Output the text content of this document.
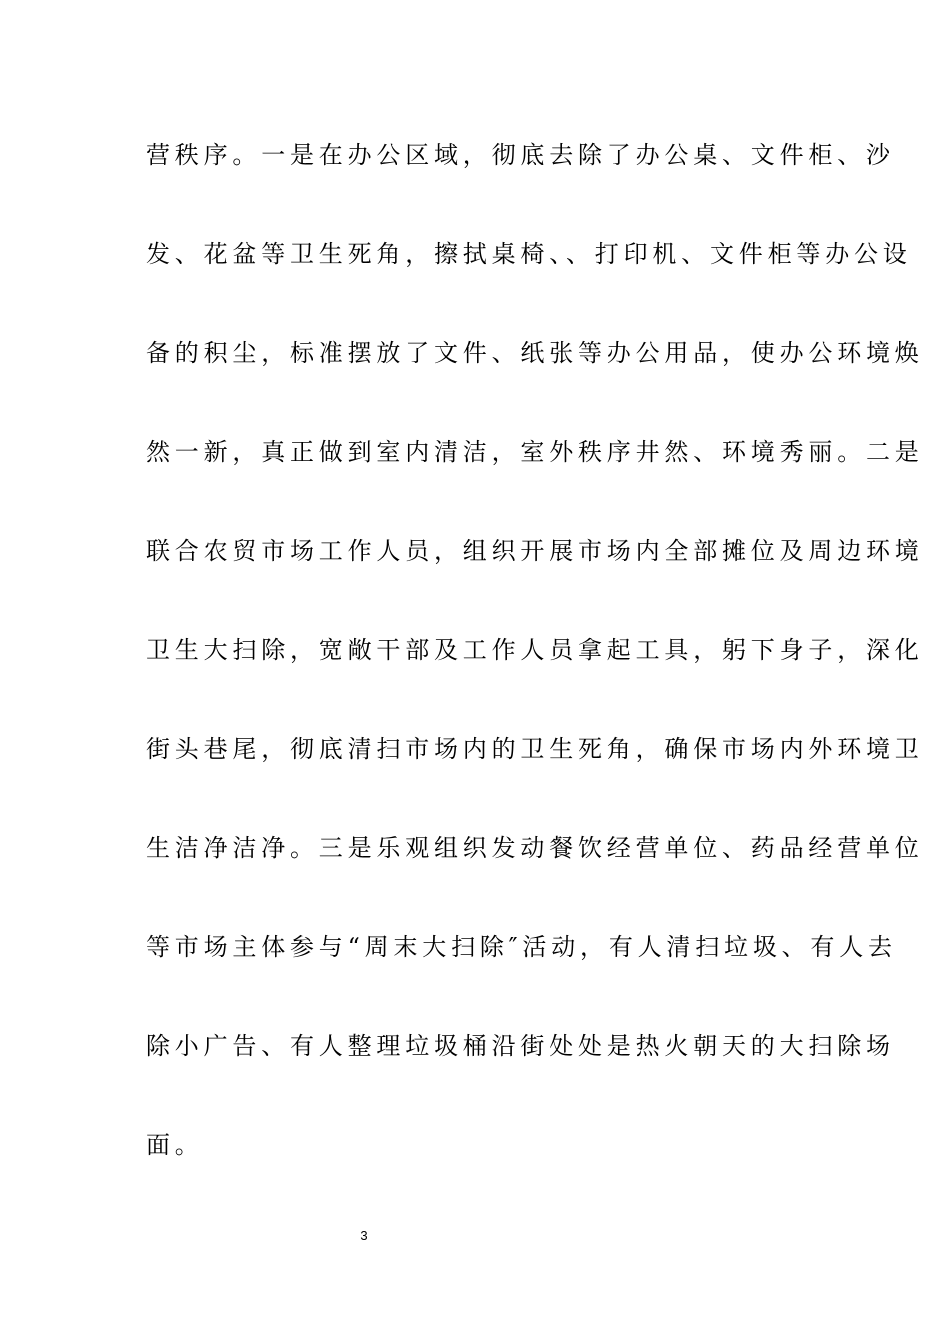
营秩序。一是在办公区域，彻底去除了办公桌、文件柜、沙
发、花盆等卫生死角，擦拭桌椅、、打印机、文件柜等办公设
备的积尘，标准摆放了文件、纸张等办公用品，使办公环境焕
然一新，真正做到室内清洁，室外秩序井然、环境秀丽。二是
联合农贸市场工作人员，组织开展市场内全部摊位及周边环境
卫生大扫除，宽敞干部及工作人员拿起工具，躬下身子，深化
街头巷尾，彻底清扫市场内的卫生死角，确保市场内外环境卫
生洁净洁净。三是乐观组织发动餐饮经营单位、药品经营单位
等市场主体参与“周末大扫除″活动，有人清扫垃圾、有人去
除小广告、有人整理垃圾桶沿街处处是热火朝天的大扫除场
面。
3
